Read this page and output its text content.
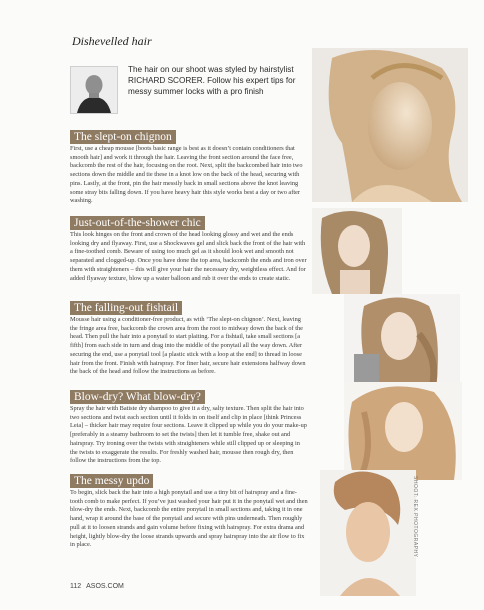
Dishevelled hair
The hair on our shoot was styled by hairstylist RICHARD SCORER. Follow his expert tips for messy summer locks with a pro finish
The slept-on chignon
First, use a cheap mousse [boots basic range is best as it doesn’t contain conditioners that smooth hair] and work it through the hair. Leaving the front section around the face free, backcomb the rest of the hair, focusing on the root. Next, split the backcombed hair into two sections down the middle and tie these in a knot low on the back of the head, securing with pins. Lastly, at the front, pin the hair messily back in small sections above the knot leaving some stray bits falling down. If you have heavy hair this style works best a day or two after washing.
Just-out-of-the-shower chic
This look hinges on the front and crown of the head looking glossy and wet and the ends looking dry and flyaway. First, use a Shockwaves gel and slick back the front of the hair with a fine-toothed comb. Beware of using too much gel as it should look wet and smooth not separated and clogged-up. Once you have done the top area, backcomb the ends and iron over them with straighteners – this will give your hair the necessary dry, weightless effect. And for added flyaway texture, blow up a water balloon and rub it over the ends to create static.
The falling-out fishtail
Mousse hair using a conditioner-free product, as with ‘The slept-on chignon’. Next, leaving the fringe area free, backcomb the crown area from the root to midway down the back of the head. Then pull the hair into a ponytail to start plaiting. For a fishtail, take small sections [a fifth] from each side in turn and drag into the middle of the ponytail all the way down. After securing the end, use a ponytail tool [a plastic stick with a loop at the end] to thread in loose hair from the front. Finish with hairspray. For finer hair, secure hair extensions halfway down the back of the head and follow the instructions as before.
Blow-dry? What blow-dry?
Spray the hair with Batiste dry shampoo to give it a dry, salty texture. Then split the hair into two sections and twist each section until it folds in on itself and clip in place [think Princess Leia] – thicker hair may require four sections. Leave it clipped up while you do your make-up [preferably in a steamy bathroom to set the twists] then let it tumble free, shake out and hairspray. Try ironing over the twists with straighteners while still clipped up or sleeping in the twists to exaggerate the results. For freshly washed hair, mousse then rough dry, then follow the instructions from the top.
The messy updo
To begin, slick back the hair into a high ponytail and use a tiny bit of hairspray and a fine-tooth comb to make perfect. If you’ve just washed your hair put it in the ponytail wet and then blow-dry the ends. Next, backcomb the entire ponytail in small sections and, taking it in one hand, wrap it around the base of the ponytail and secure with pins underneath. Then roughly pull at it to loosen strands and gain volume before fixing with hairspray. For extra drama and height, lightly blow-dry the loose strands upwards and spray hairspray into the air flow to fix in place.	SHOOT: REX PHOTOGRAPHY
112 ASOS.COM
